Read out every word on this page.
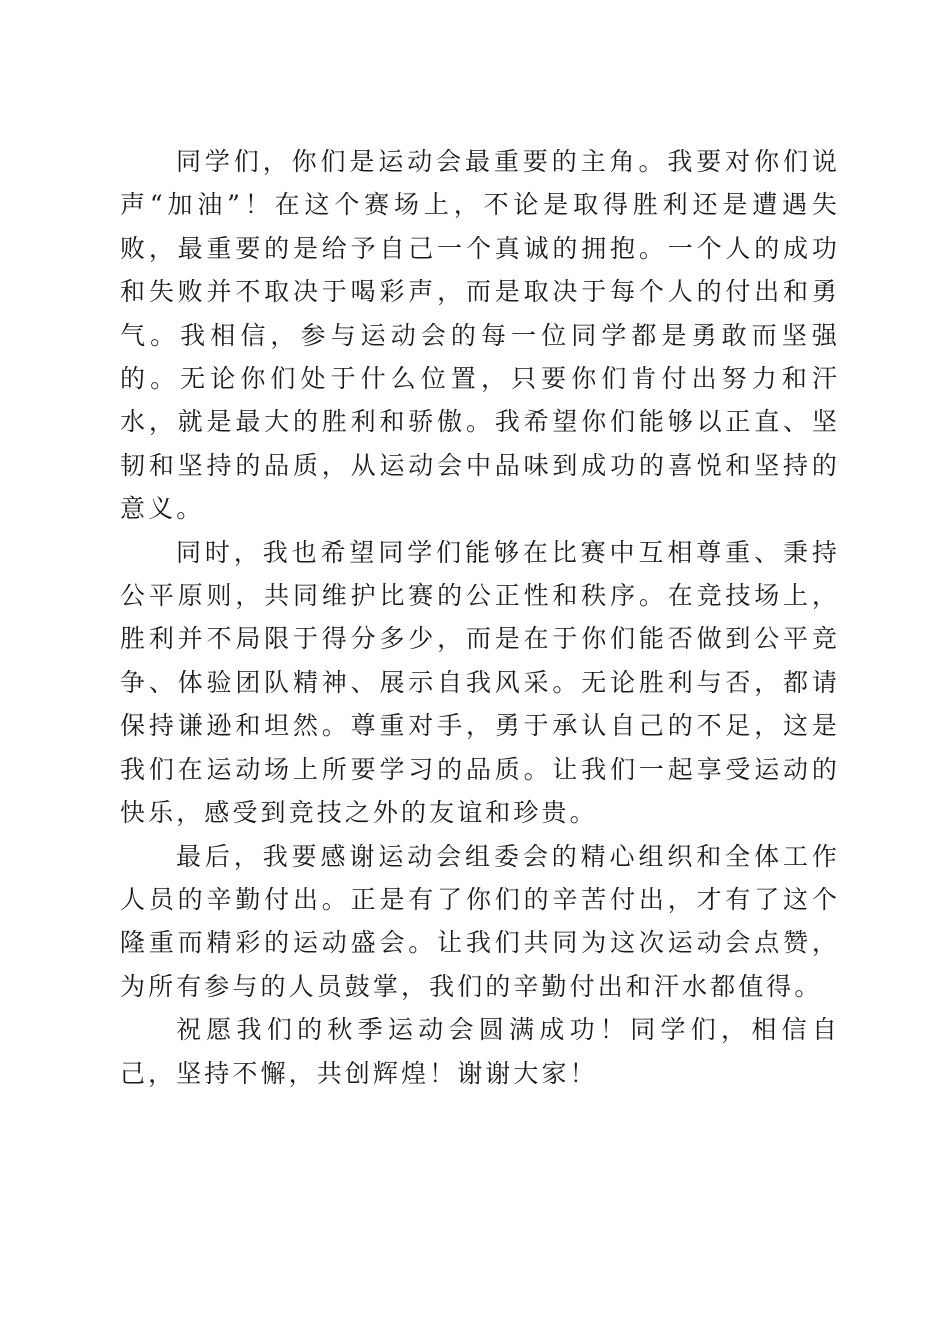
同学们，你们是运动会最重要的主角。我要对你们说声“加油”！在这个赛场上，不论是取得胜利还是遭遇失败，最重要的是给予自己一个真诚的拥抱。一个人的成功和失败并不取决于喝彩声，而是取决于每个人的付出和勇气。我相信，参与运动会的每一位同学都是勇敢而坚强的。无论你们处于什么位置，只要你们肯付出努力和汗水，就是最大的胜利和骄傲。我希望你们能够以正直、坚韧和坚持的品质，从运动会中品味到成功的喜悦和坚持的意义。

同时，我也希望同学们能够在比赛中互相尊重、秉持公平原则，共同维护比赛的公正性和秩序。在竞技场上，胜利并不局限于得分多少，而是在于你们能否做到公平竞争、体验团队精神、展示自我风采。无论胜利与否，都请保持谦逊和坦然。尊重对手，勇于承认自己的不足，这是我们在运动场上所要学习的品质。让我们一起享受运动的快乐，感受到竞技之外的友谊和珍贵。

最后，我要感谢运动会组委会的精心组织和全体工作人员的辛勤付出。正是有了你们的辛苦付出，才有了这个隆重而精彩的运动盛会。让我们共同为这次运动会点赞，为所有参与的人员鼓掌，我们的辛勤付出和汗水都值得。

祝愿我们的秋季运动会圆满成功！同学们，相信自己，坚持不懈，共创辉煌！谢谢大家！
